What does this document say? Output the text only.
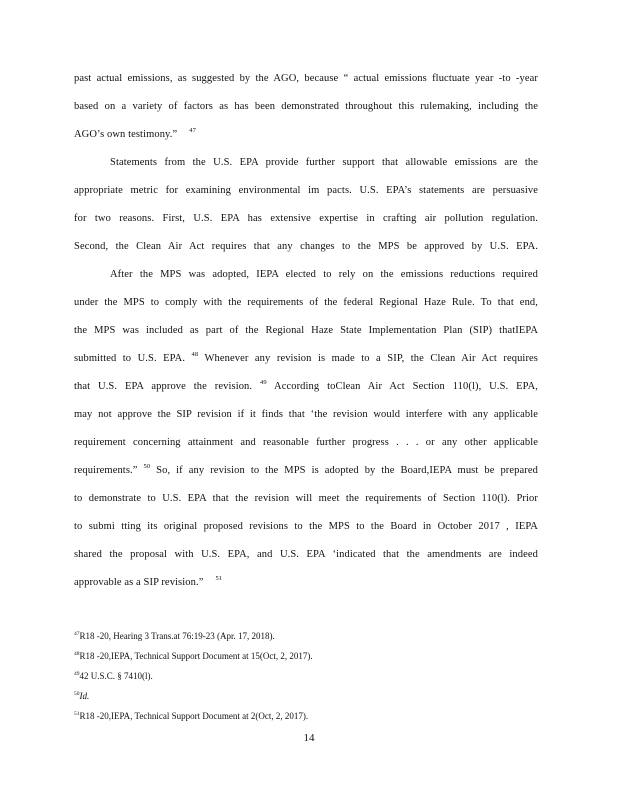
past actual emissions, as suggested by the AGO, because “ actual emissions fluctuate year -to -year
based on a variety of factors as has been demonstrated throughout this rulemaking, including the
AGO’s own testimony.” $^{47}$
Statements from the U.S. EPA provide further support that allowable emissions are the
appropriate metric for examining environmental im pacts. U.S. EPA’s statements are persuasive
for two reasons. First, U.S. EPA has extensive expertise in crafting air pollution regulation.
Second, the Clean Air Act requires that any changes to the MPS be approved by U.S. EPA.
After the MPS was adopted, IEPA elected to rely on the emissions reductions required
under the MPS to comply with the requirements of the federal Regional Haze Rule. To that end,
the MPS was included as part of the Regional Haze State Implementation Plan (SIP) thatIEPA
submitted to U.S. EPA. $^{48}$ Whenever any revision is made to a SIP, the Clean Air Act requires
that U.S. EPA approve the revision. $^{49}$ According toClean Air Act Section 110(l), U.S. EPA,
may not approve the SIP revision if it finds that ‘the revision would interfere with any applicable
requirement concerning attainment and reasonable further progress . . . or any other applicable
requirements.” $^{50}$ So, if any revision to the MPS is adopted by the Board,IEPA must be prepared
to demonstrate to U.S. EPA that the revision will meet the requirements of Section 110(l). Prior
to submi tting its original proposed revisions to the MPS to the Board in October 2017 , IEPA
shared the proposal with U.S. EPA, and U.S. EPA ‘indicated that the amendments are indeed
approvable as a SIP revision.” $^{51}$
$^{47}$R18 -20, Hearing 3 Trans.at 76:19-23 (Apr. 17, 2018).
$^{48}$R18 -20,IEPA, Technical Support Document at 15(Oct, 2, 2017).
$^{49}$42 U.S.C. § 7410(l).
$^{50}$Id.
$^{51}$R18 -20,IEPA, Technical Support Document at 2(Oct, 2, 2017).
14
